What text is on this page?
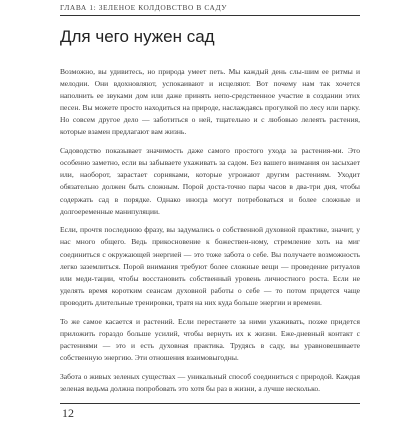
ГЛАВА 1: ЗЕЛЕНОЕ КОЛДОВСТВО В САДУ
Для чего нужен сад

Возможно, вы удивитесь, но природа умеет петь. Мы каждый день слы-шим ее ритмы и мелодии. Они вдохновляют, успокаивают и исцеляют. Вот почему нам так хочется наполнить ее звуками дом или даже принять непо-средственное участие в создании этих песен. Вы можете просто находиться на природе, наслаждаясь прогулкой по лесу или парку. Но совсем другое дело — заботиться о ней, тщательно и с любовью лелеять растения, которые взамен предлагают вам жизнь.

Садоводство показывает значимость даже самого простого ухода за растения-ми. Это особенно заметно, если вы забываете ухаживать за садом. Без вашего внимания он засыхает или, наоборот, зарастает сорняками, которые угрожают другим растениям. Уходит обязательно должен быть сложным. Порой доста-точно пары часов в два-три дня, чтобы содержать сад в порядке. Однако иногда могут потребоваться и более сложные и долгоеременные манипуляции.

Если, прочтя последнюю фразу, вы задумались о собственной духовной практике, значит, у нас много общего. Ведь прикосновение к божествен-ному, стремление хоть на миг соединиться с окружающей энергией — это тоже забота о себе. Вы получаете возможность легко заземлиться. Порой внимания требуют более сложные вещи — проведение ритуалов или меди-тации, чтобы восстановить собственный уровень личностного роста. Если не уделять время коротким сеансам духовной работы о себе — то потом придется чаще проводить длительные тренировки, тратя на них куда больше энергии и времени.

То же самое касается и растений. Если перестанете за ними ухаживать, позже придется приложить гораздо больше усилий, чтобы вернуть их к жизни. Еже-дневный контакт с растениями — это и есть духовная практика. Трудясь в саду, вы уравновешиваете собственную энергию. Эти отношения взаимовыгодны.

Забота о живых зеленых существах — уникальный способ соединиться с природой. Каждая зеленая ведьма должна попробовать это хотя бы раз в жизни, а лучше несколько.

12
